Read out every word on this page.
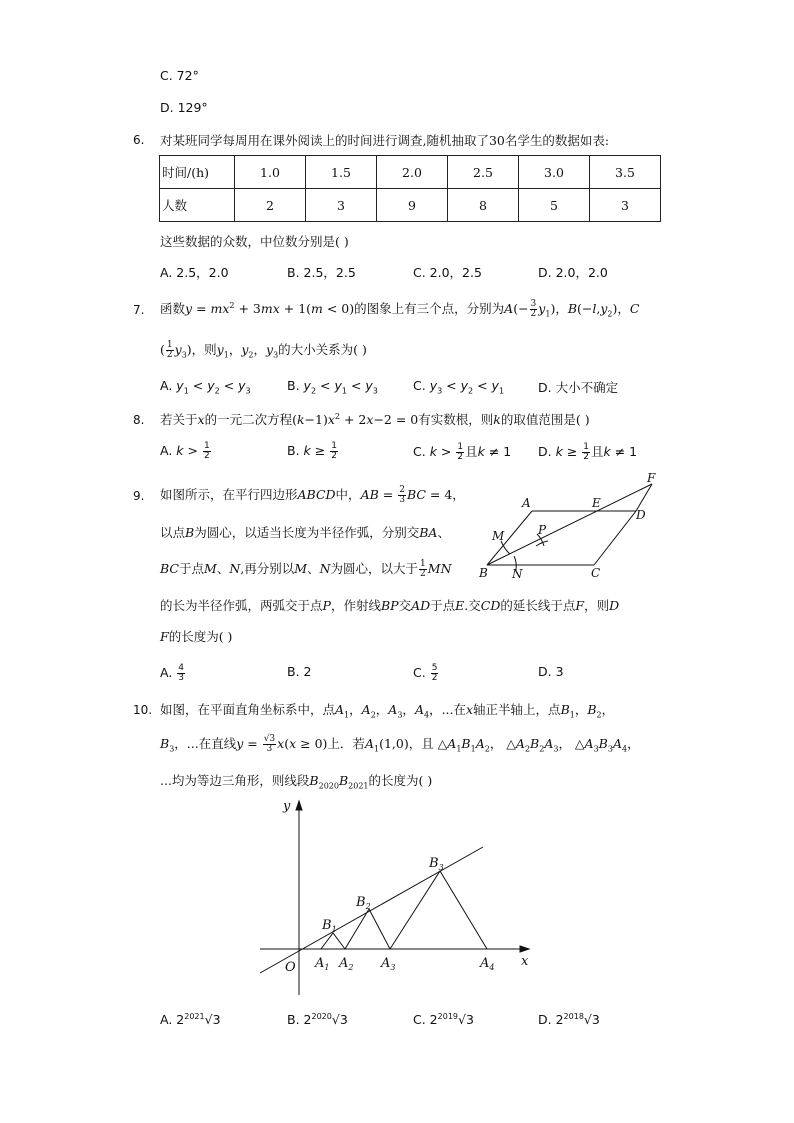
C. 72°
D. 129°
6. 对某班同学每周用在课外阅读上的时间进行调查,随机抽取了30名学生的数据如表:
时间/(h)	1.0	1.5	2.0	2.5	3.0	3.5
人数	2	3	9	8	5	3
这些数据的众数，中位数分别是( )
A. 2.5，2.0	B. 2.5，2.5	C. 2.0，2.5	D. 2.0，2.0
7. 函数$y = mx^2 + 3mx + 1(m < 0)$的图象上有三个点，分别为$A(- \frac{3}{2} y_1)$，$B(-l,y_2)$，C
( $\frac{1}{2} y_3$)，则$y_1$，$y_2$，$y_3$的大小关系为( )
A. $y_1 < y_2 < y_3$	B. $y_2 < y_1 < y_3$	C. $y_3 < y_2 < y_1$	D. 大小不确定
8. 若关于x的一元二次方程$(k-1)x^2 + 2x-2 = 0$有实数根，则k的取值范围是( )
A. $k > \frac{1}{2}$	B. $k \ge \frac{1}{2}$	C. $k > \frac{1}{2}$ 且k ≠ 1 D. $k \ge \frac{1}{2}$ 且k ≠ 1
9. 如图所示，在平行四边形ABCD中，AB = $\frac{2}{3}$ BC = 4，
以点B为圆心，以适当长度为半径作弧，分别交BA、
BC于点M、N,再分别以M、N为圆心，以大于 $\frac{1}{2}$ MN
的长为半径作弧，两弧交于点P，作射线BP交AD于点E.交CD的延长线于点F，则D
F的长度为( )
A	E
F
D
M	P
B N	C
A. $\frac{4}{3}$	B. 2	C. $\frac{5}{2}$	D. 3
10. 如图，在平面直角坐标系中，点$A_1$，$A_2$，$A_3$，$A_4$，...在x轴正半轴上，点$B_1$，$B_2$，
$B_3$，...在直线$y = \frac{√3}{3} x(x \ge 0)$上．若$A_1(1,0)$，且 $\triangle A_1B_1A_2$， $\triangle A_2B_2A_3$， $\triangle A_3B_3A_4$，
...均为等边三角形，则线段$B_{2020}B_{2021}$的长度为( )
y
x
O $A_1$ $A_2$ $A_3$	$A_4$
$B_1$
$B_2$
$B_3$
A. $2^{2021}√3$	B. $2^{2020}√3$	C. $2^{2019}√3$	D. $2^{2018}√3$
